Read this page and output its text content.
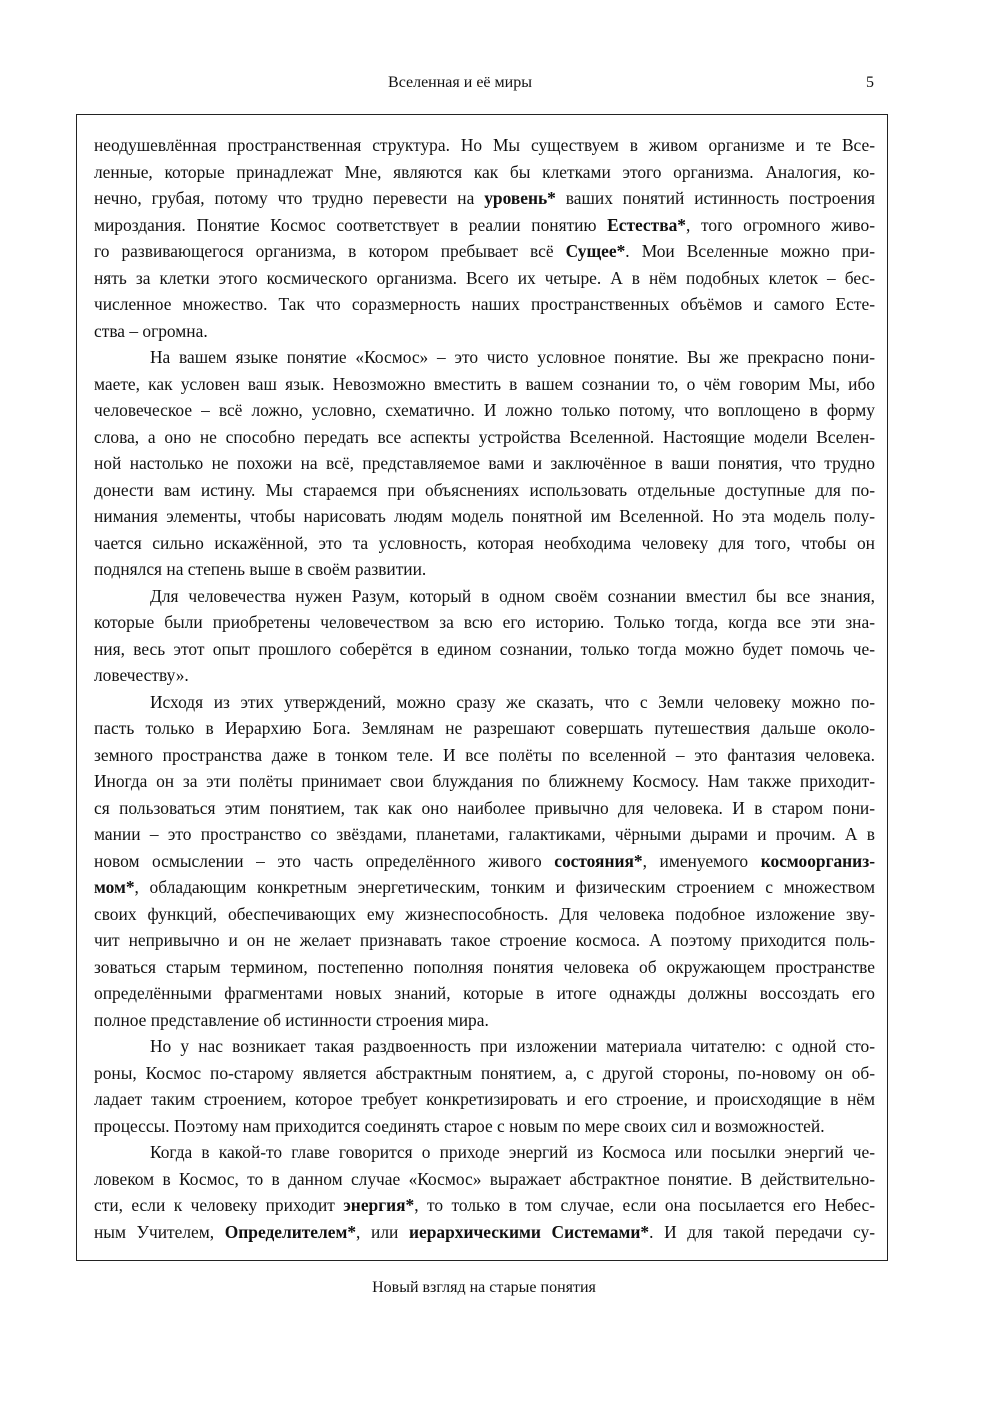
Вселенная и её миры	5
неодушевлённая пространственная структура. Но Мы существуем в живом организме и те Все-
ленные, которые принадлежат Мне, являются как бы клетками этого организма. Аналогия, ко-
нечно, грубая, потому что трудно перевести на уровень* ваших понятий истинность построения
мироздания. Понятие Космос соответствует в реалии понятию Естества*, того огромного живо-
го развивающегося организма, в котором пребывает всё Сущее*. Мои Вселенные можно при-
нять за клетки этого космического организма. Всего их четыре. А в нём подобных клеток – бес-
численное множество. Так что соразмерность наших пространственных объёмов и самого Есте-
ства – огромна.
На вашем языке понятие «Космос» – это чисто условное понятие. Вы же прекрасно пони-
маете, как условен ваш язык. Невозможно вместить в вашем сознании то, о чём говорим Мы, ибо
человеческое – всё ложно, условно, схематично. И ложно только потому, что воплощено в форму
слова, а оно не способно передать все аспекты устройства Вселенной. Настоящие модели Вселен-
ной настолько не похожи на всё, представляемое вами и заключённое в ваши понятия, что трудно
донести вам истину. Мы стараемся при объяснениях использовать отдельные доступные для по-
нимания элементы, чтобы нарисовать людям модель понятной им Вселенной. Но эта модель полу-
чается сильно искажённой, это та условность, которая необходима человеку для того, чтобы он
поднялся на степень выше в своём развитии.
Для человечества нужен Разум, который в одном своём сознании вместил бы все знания,
которые были приобретены человечеством за всю его историю. Только тогда, когда все эти зна-
ния, весь этот опыт прошлого соберётся в едином сознании, только тогда можно будет помочь че-
ловечеству».
Исходя из этих утверждений, можно сразу же сказать, что с Земли человеку можно по-
пасть только в Иерархию Бога. Землянам не разрешают совершать путешествия дальше около-
земного пространства даже в тонком теле. И все полёты по вселенной – это фантазия человека.
Иногда он за эти полёты принимает свои блуждания по ближнему Космосу. Нам также приходит-
ся пользоваться этим понятием, так как оно наиболее привычно для человека. И в старом пони-
мании – это пространство со звёздами, планетами, галактиками, чёрными дырами и прочим. А в
новом осмыслении – это часть определённого живого состояния*, именуемого космоорганиз-
мом*, обладающим конкретным энергетическим, тонким и физическим строением с множеством
своих функций, обеспечивающих ему жизнеспособность. Для человека подобное изложение зву-
чит непривычно и он не желает признавать такое строение космоса. А поэтому приходится поль-
зоваться старым термином, постепенно пополняя понятия человека об окружающем пространстве
определёнными фрагментами новых знаний, которые в итоге однажды должны воссоздать его
полное представление об истинности строения мира.
Но у нас возникает такая раздвоенность при изложении материала читателю: с одной сто-
роны, Космос по-старому является абстрактным понятием, а, с другой стороны, по-новому он об-
ладает таким строением, которое требует конкретизировать и его строение, и происходящие в нём
процессы. Поэтому нам приходится соединять старое с новым по мере своих сил и возможностей.
Когда в какой-то главе говорится о приходе энергий из Космоса или посылки энергий че-
ловеком в Космос, то в данном случае «Космос» выражает абстрактное понятие. В действительно-
сти, если к человеку приходит энергия*, то только в том случае, если она посылается его Небес-
ным Учителем, Определителем*, или иерархическими Системами*. И для такой передачи су-
Новый взгляд на старые понятия
